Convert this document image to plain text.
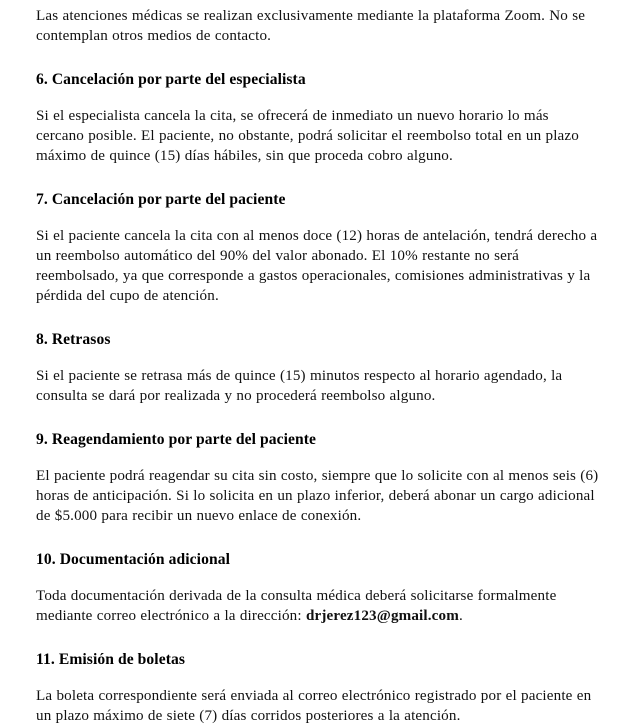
Las atenciones médicas se realizan exclusivamente mediante la plataforma Zoom. No se contemplan otros medios de contacto.

6. Cancelación por parte del especialista

Si el especialista cancela la cita, se ofrecerá de inmediato un nuevo horario lo más cercano posible. El paciente, no obstante, podrá solicitar el reembolso total en un plazo máximo de quince (15) días hábiles, sin que proceda cobro alguno.

7. Cancelación por parte del paciente

Si el paciente cancela la cita con al menos doce (12) horas de antelación, tendrá derecho a un reembolso automático del 90% del valor abonado. El 10% restante no será reembolsado, ya que corresponde a gastos operacionales, comisiones administrativas y la pérdida del cupo de atención.

8. Retrasos

Si el paciente se retrasa más de quince (15) minutos respecto al horario agendado, la consulta se dará por realizada y no procederá reembolso alguno.

9. Reagendamiento por parte del paciente

El paciente podrá reagendar su cita sin costo, siempre que lo solicite con al menos seis (6) horas de anticipación. Si lo solicita en un plazo inferior, deberá abonar un cargo adicional de $5.000 para recibir un nuevo enlace de conexión.

10. Documentación adicional

Toda documentación derivada de la consulta médica deberá solicitarse formalmente mediante correo electrónico a la dirección: drjerez123@gmail.com.

11. Emisión de boletas

La boleta correspondiente será enviada al correo electrónico registrado por el paciente en un plazo máximo de siete (7) días corridos posteriores a la atención.
